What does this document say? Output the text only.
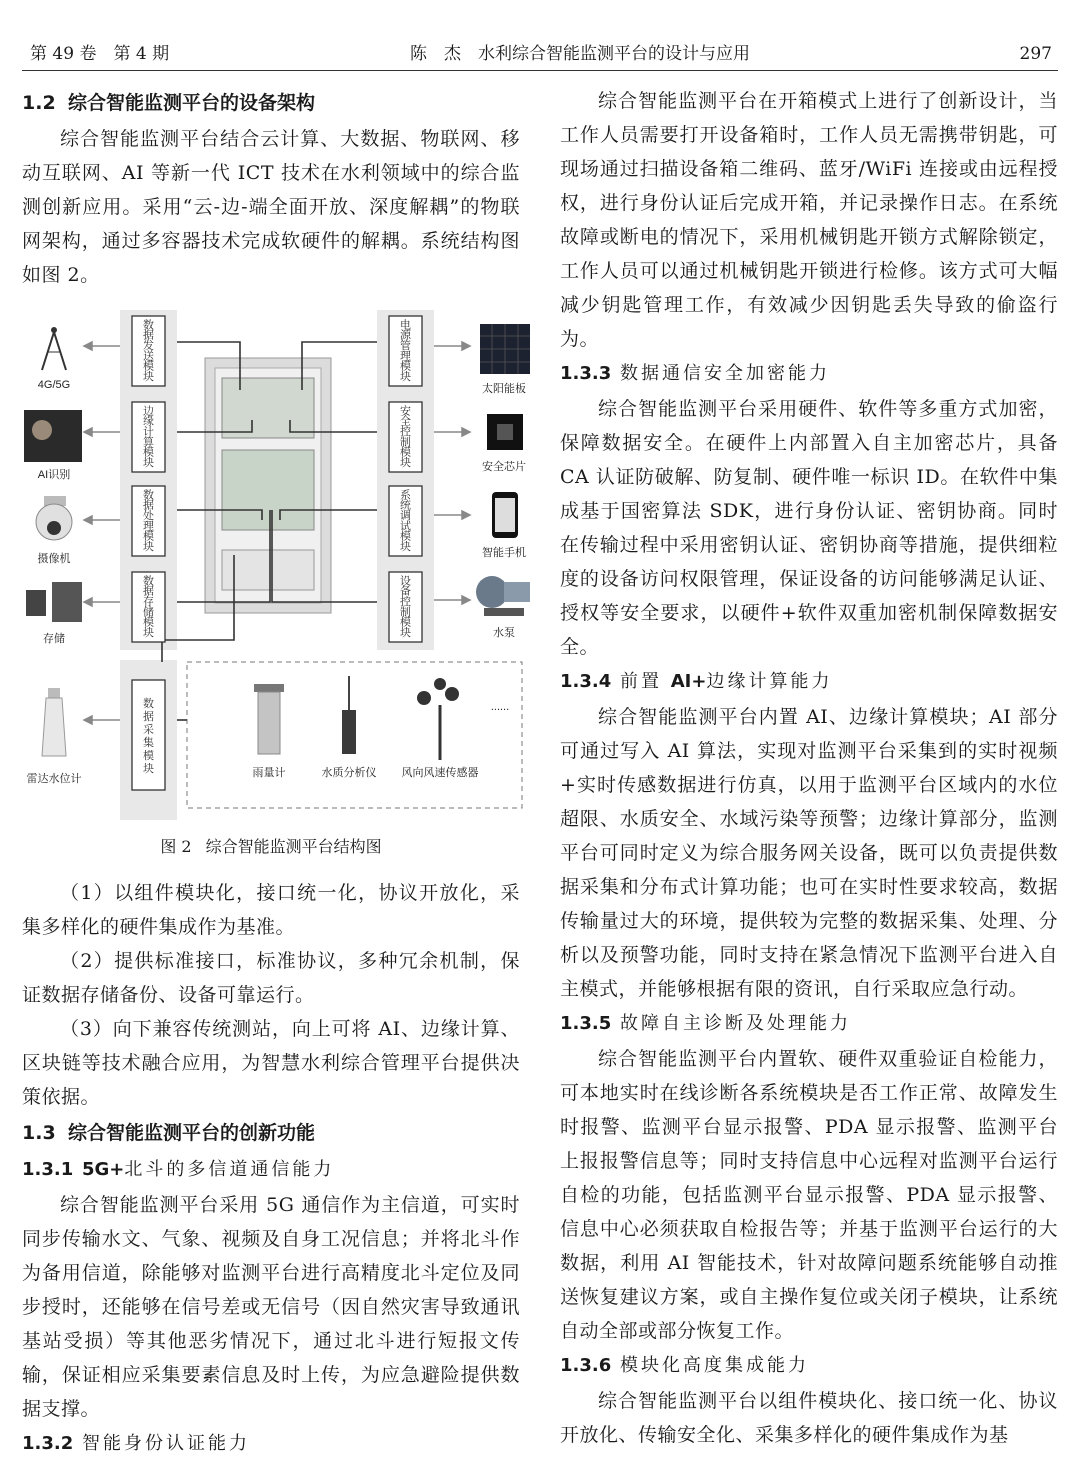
第 49 卷　第 4 期	陈　杰　水利综合智能监测平台的设计与应用	297
1.2 综合智能监测平台的设备架构

综合智能监测平台结合云计算、大数据、物联网、移动互联网、AI 等新一代 ICT 技术在水利领域中的综合监测创新应用。采用“云-边-端全面开放、深度解耦”的物联网架构，通过多容器技术完成软硬件的解耦。系统结构图如图 2。

数
据
发
送
模
块
边
缘
计
算
模
块
数
据
处
理
模
块
数
据
存
储
模
块
电
源
管
理
模
块
安
全
控
制
模
块
系
统
调
试
模
块
设
备
控
制
模
块
数
据
采
集
模
块
4G/5G
AI识别
摄像机
存储
雷达水位计
太阳能板
安全芯片
智能手机
水泵
雨量计	水质分析仪 风向风速传感器
......
图 2 综合智能监测平台结构图

（1）以组件模块化，接口统一化，协议开放化，采集多样化的硬件集成作为基准。

（2）提供标准接口，标准协议，多种冗余机制，保证数据存储备份、设备可靠运行。

（3）向下兼容传统测站，向上可将 AI、边缘计算、区块链等技术融合应用，为智慧水利综合管理平台提供决策依据。

1.3 综合智能监测平台的创新功能
1.3.1 5G+北斗的多信道通信能力

综合智能监测平台采用 5G 通信作为主信道，可实时同步传输水文、气象、视频及自身工况信息；并将北斗作为备用信道，除能够对监测平台进行高精度北斗定位及同步授时，还能够在信号差或无信号（因自然灾害导致通讯基站受损）等其他恶劣情况下，通过北斗进行短报文传输，保证相应采集要素信息及时上传，为应急避险提供数据支撑。

1.3.2 智能身份认证能力

综合智能监测平台在开箱模式上进行了创新设计，当工作人员需要打开设备箱时，工作人员无需携带钥匙，可现场通过扫描设备箱二维码、蓝牙/WiFi 连接或由远程授权，进行身份认证后完成开箱，并记录操作日志。在系统故障或断电的情况下，采用机械钥匙开锁方式解除锁定，工作人员可以通过机械钥匙开锁进行检修。该方式可大幅减少钥匙管理工作，有效减少因钥匙丢失导致的偷盗行为。

1.3.3 数据通信安全加密能力

综合智能监测平台采用硬件、软件等多重方式加密，保障数据安全。在硬件上内部置入自主加密芯片，具备 CA 认证防破解、防复制、硬件唯一标识 ID。在软件中集成基于国密算法 SDK，进行身份认证、密钥协商。同时在传输过程中采用密钥认证、密钥协商等措施，提供细粒度的设备访问权限管理，保证设备的访问能够满足认证、授权等安全要求，以硬件+软件双重加密机制保障数据安全。

1.3.4 前置 AI+边缘计算能力

综合智能监测平台内置 AI、边缘计算模块；AI 部分可通过写入 AI 算法，实现对监测平台采集到的实时视频+实时传感数据进行仿真，以用于监测平台区域内的水位超限、水质安全、水域污染等预警；边缘计算部分，监测平台可同时定义为综合服务网关设备，既可以负责提供数据采集和分布式计算功能；也可在实时性要求较高，数据传输量过大的环境，提供较为完整的数据采集、处理、分析以及预警功能，同时支持在紧急情况下监测平台进入自主模式，并能够根据有限的资讯，自行采取应急行动。

1.3.5 故障自主诊断及处理能力

综合智能监测平台内置软、硬件双重验证自检能力，可本地实时在线诊断各系统模块是否工作正常、故障发生时报警、监测平台显示报警、PDA 显示报警、监测平台上报报警信息等；同时支持信息中心远程对监测平台运行自检的功能，包括监测平台显示报警、PDA 显示报警、信息中心必须获取自检报告等；并基于监测平台运行的大数据，利用 AI 智能技术，针对故障问题系统能够自动推送恢复建议方案，或自主操作复位或关闭子模块，让系统自动全部或部分恢复工作。

1.3.6 模块化高度集成能力

综合智能监测平台以组件模块化、接口统一化、协议开放化、传输安全化、采集多样化的硬件集成作为基
